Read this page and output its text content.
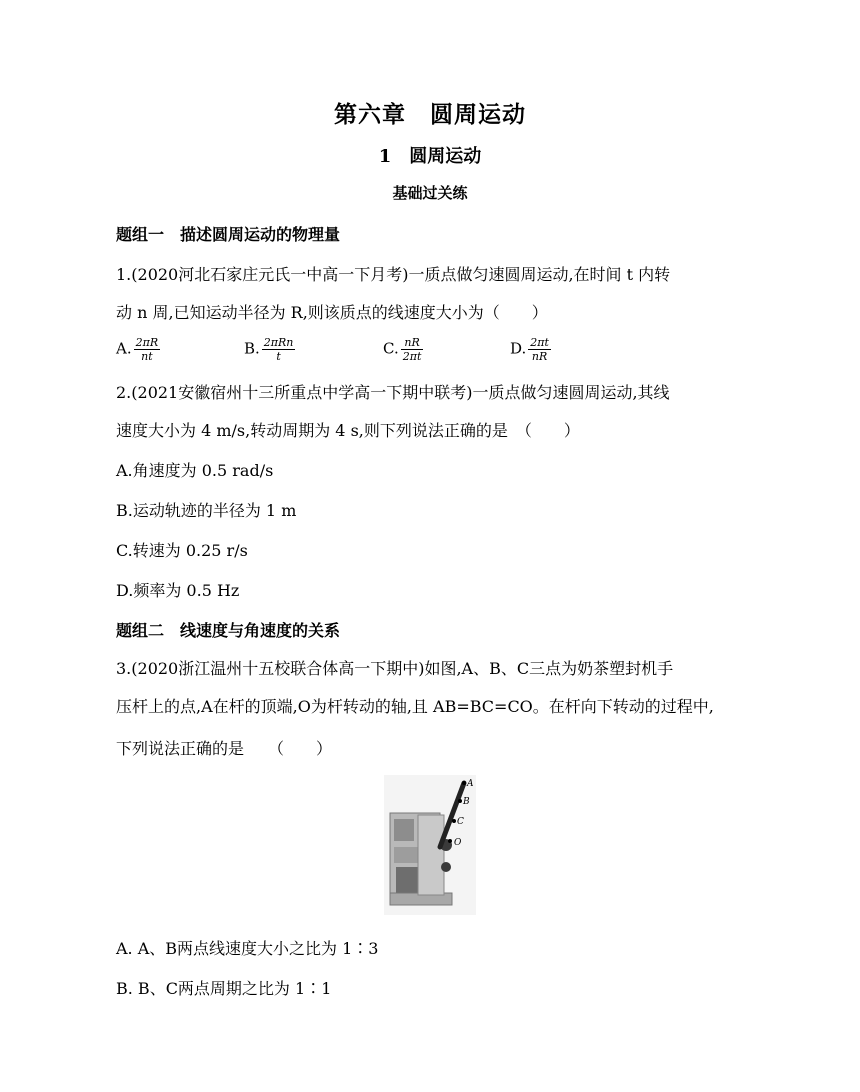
第六章　圆周运动
1　圆周运动
基础过关练
题组一　描述圆周运动的物理量
1.(2020河北石家庄元氏一中高一下月考)一质点做匀速圆周运动,在时间 t 内转
动 n 周,已知运动半径为 R,则该质点的线速度大小为（　　）
A. $\frac{2\pi R}{nt}$	B. $\frac{\text{2πRn}}{t}$	C. $\frac{nR}{2\pi t}$	D. $\frac{2\pi t}{nR}$
2.(2021安徽宿州十三所重点中学高一下期中联考)一质点做匀速圆周运动,其线
速度大小为 4 m/s,转动周期为 4 s,则下列说法正确的是　（　　）
A.角速度为 0.5 rad/s
B.运动轨迹的半径为 1 m
C.转速为 0.25 r/s
D.频率为 0.5 Hz
题组二　线速度与角速度的关系
3.(2020浙江温州十五校联合体高一下期中)如图,A、B、C三点为奶茶塑封机手
压杆上的点,A在杆的顶端,O为杆转动的轴,且 AB=BC=CO。在杆向下转动的过程中,
下列说法正确的是　　（　　）
A
B
C
O
A. A、B两点线速度大小之比为 1∶3
B. B、C两点周期之比为 1∶1
